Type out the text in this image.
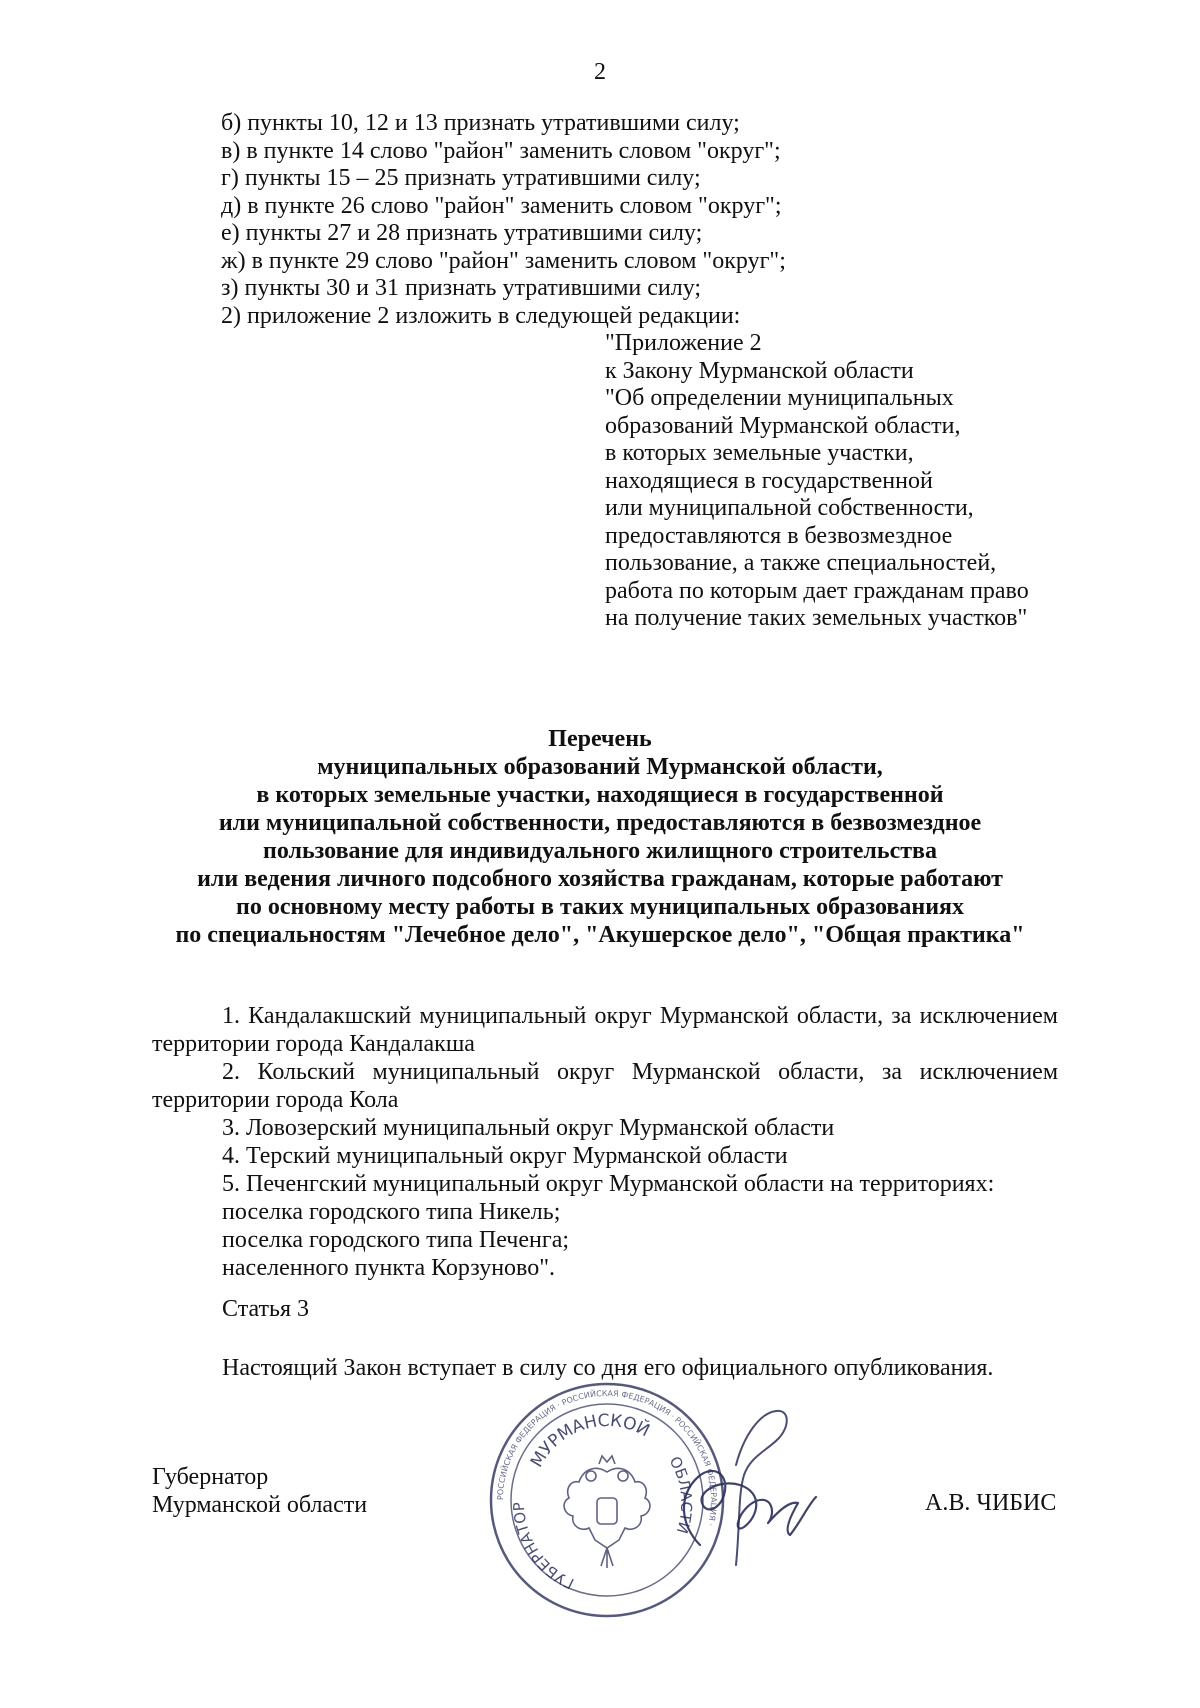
2
б) пункты 10, 12 и 13 признать утратившими силу;
в) в пункте 14 слово "район" заменить словом "округ";
г) пункты 15 – 25 признать утратившими силу;
д) в пункте 26 слово "район" заменить словом "округ";
е) пункты 27 и 28 признать утратившими силу;
ж) в пункте 29 слово "район" заменить словом "округ";
з) пункты 30 и 31 признать утратившими силу;
2) приложение 2 изложить в следующей редакции:
"Приложение 2
к Закону Мурманской области
"Об определении муниципальных
образований Мурманской области,
в которых земельные участки,
находящиеся в государственной
или муниципальной собственности,
предоставляются в безвозмездное
пользование, а также специальностей,
работа по которым дает гражданам право
на получение таких земельных участков"
Перечень
муниципальных образований Мурманской области,
в которых земельные участки, находящиеся в государственной
или муниципальной собственности, предоставляются в безвозмездное
пользование для индивидуального жилищного строительства
или ведения личного подсобного хозяйства гражданам, которые работают
по основному месту работы в таких муниципальных образованиях
по специальностям "Лечебное дело", "Акушерское дело", "Общая практика"
1. Кандалакшский муниципальный округ Мурманской области, за исключением
территории города Кандалакша
2. Кольский муниципальный округ Мурманской области, за исключением
территории города Кола
3. Ловозерский муниципальный округ Мурманской области
4. Терский муниципальный округ Мурманской области
5. Печенгский муниципальный округ Мурманской области на территориях:
поселка городского типа Никель;
поселка городского типа Печенга;
населенного пункта Корзуново".
Статья 3
Настоящий Закон вступает в силу со дня его официального опубликования.
Губернатор
Мурманской области	А.В. ЧИБИС
РОССИЙСКАЯ ФЕДЕРАЦИЯ · РОССИЙСКАЯ ФЕДЕРАЦИЯ · РОССИЙСКАЯ ФЕДЕРАЦИЯ ·
МУРМАНСКОЙ
ГУБЕРНАТОР
ОБЛАСТИ
